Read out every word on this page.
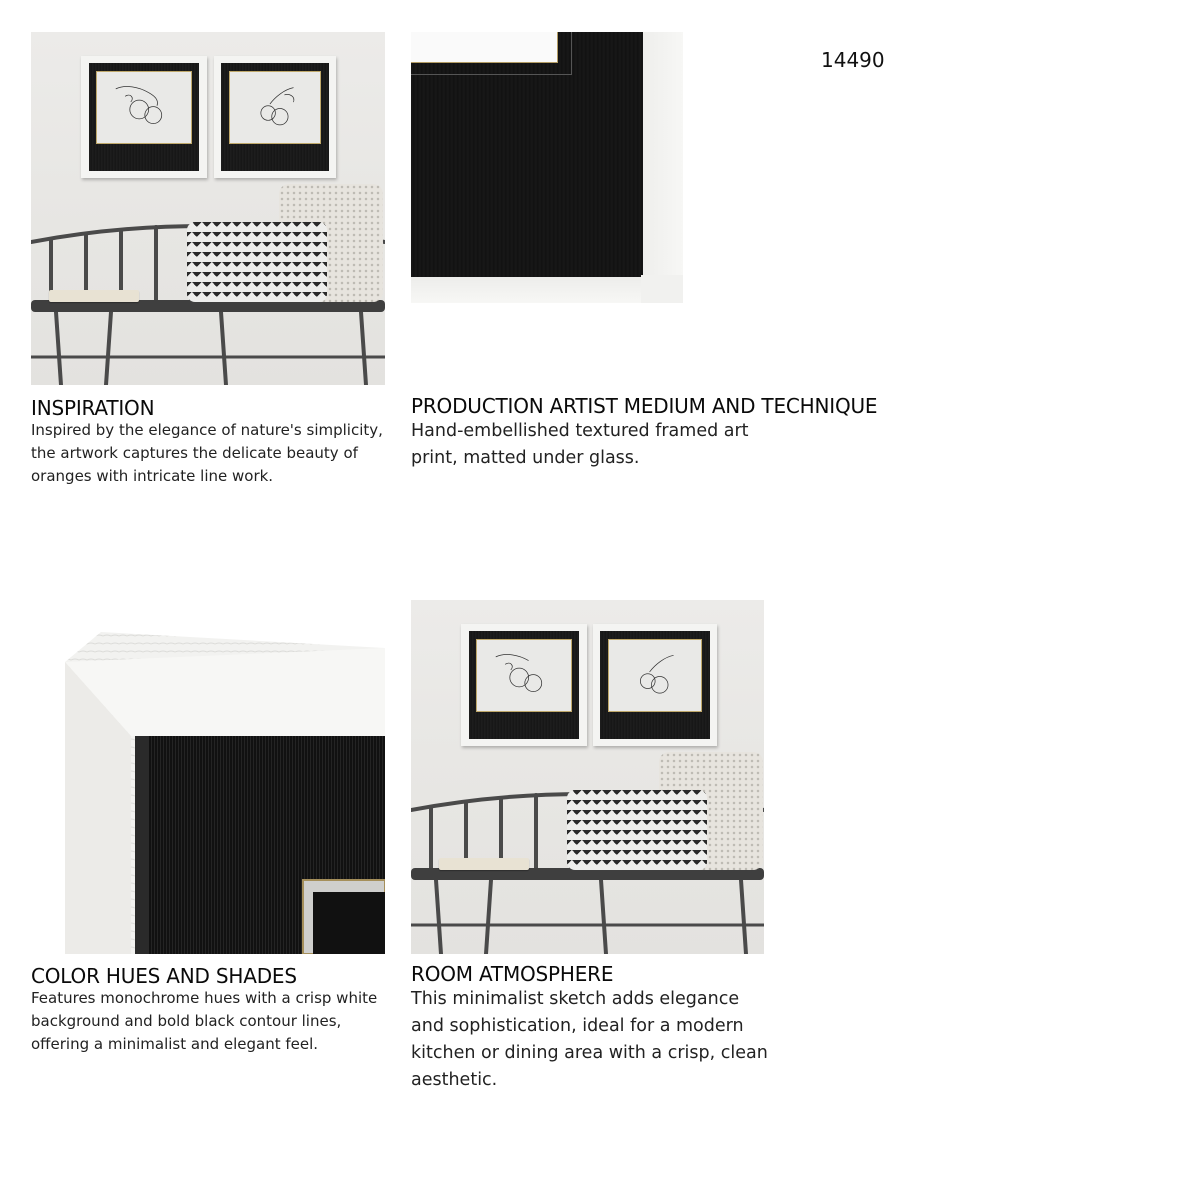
14490
INSPIRATION
Inspired by the elegance of nature's simplicity,
the artwork captures the delicate beauty of
oranges with intricate line work.
PRODUCTION ARTIST MEDIUM AND TECHNIQUE
Hand-embellished textured framed art
print, matted under glass.
COLOR HUES AND SHADES
Features monochrome hues with a crisp white
background and bold black contour lines,
offering a minimalist and elegant feel.
ROOM ATMOSPHERE
This minimalist sketch adds elegance
and sophistication, ideal for a modern
kitchen or dining area with a crisp, clean
aesthetic.
